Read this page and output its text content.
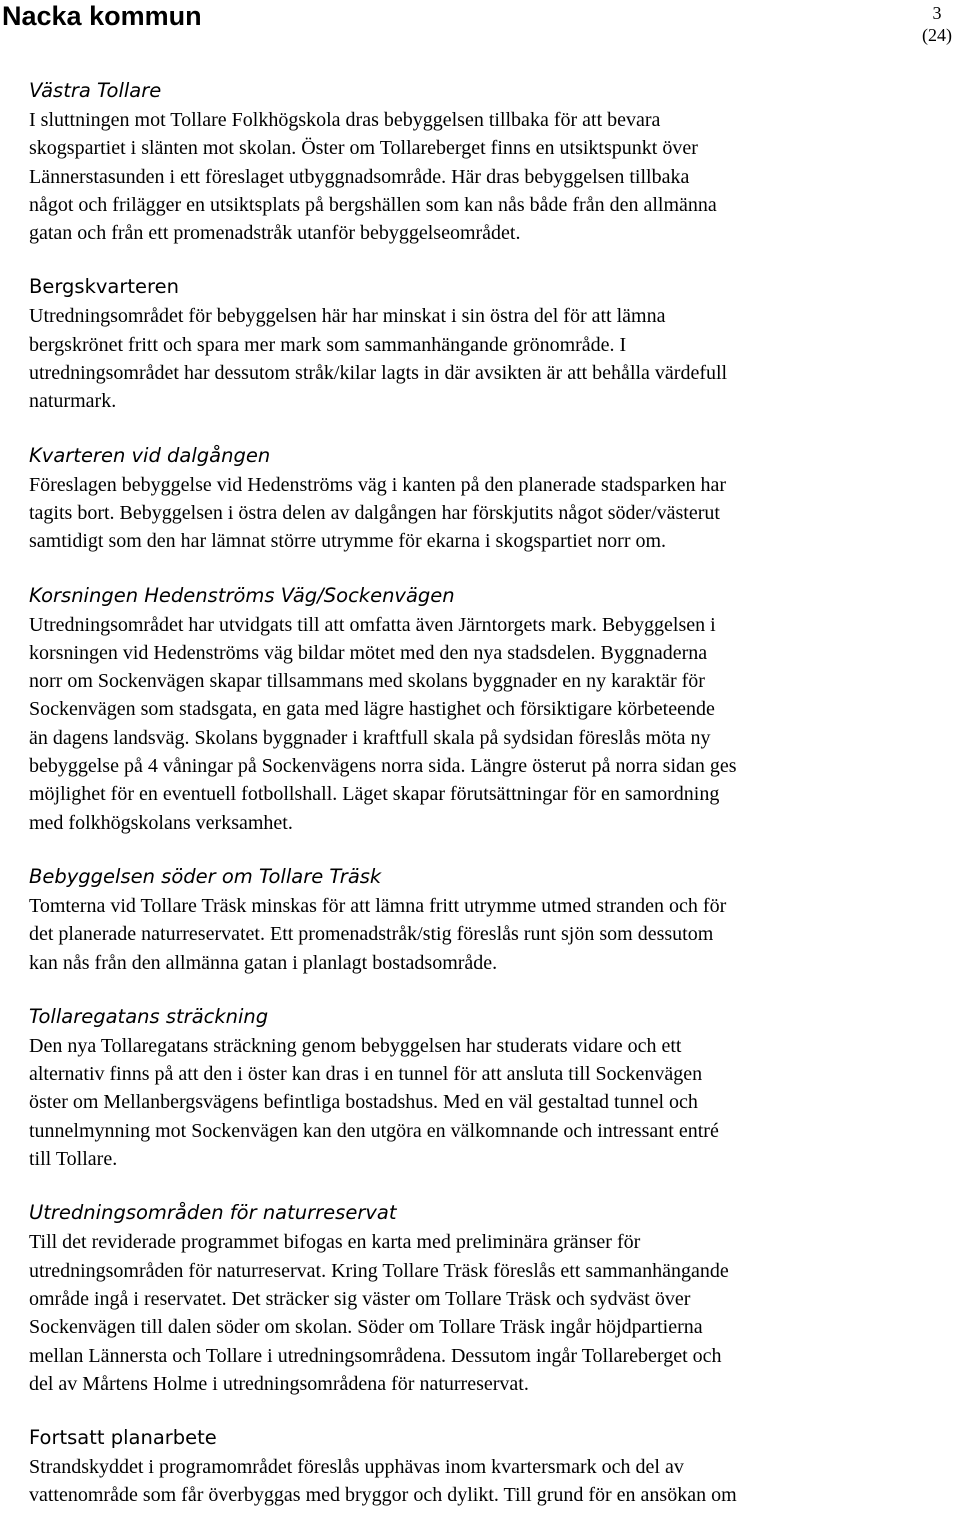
Nacka kommun	3
(24)
Västra Tollare
I sluttningen mot Tollare Folkhögskola dras bebyggelsen tillbaka för att bevara
skogspartiet i slänten mot skolan. Öster om Tollareberget finns en utsiktspunkt över
Lännerstasunden i ett föreslaget utbyggnadsområde. Här dras bebyggelsen tillbaka
något och frilägger en utsiktsplats på bergshällen som kan nås både från den allmänna
gatan och från ett promenadstråk utanför bebyggelseområdet.
Bergskvarteren
Utredningsområdet för bebyggelsen här har minskat i sin östra del för att lämna
bergskrönet fritt och spara mer mark som sammanhängande grönområde. I
utredningsområdet har dessutom stråk/kilar lagts in där avsikten är att behålla värdefull
naturmark.
Kvarteren vid dalgången
Föreslagen bebyggelse vid Hedenströms väg i kanten på den planerade stadsparken har
tagits bort. Bebyggelsen i östra delen av dalgången har förskjutits något söder/västerut
samtidigt som den har lämnat större utrymme för ekarna i skogspartiet norr om.
Korsningen Hedenströms Väg/Sockenvägen
Utredningsområdet har utvidgats till att omfatta även Järntorgets mark. Bebyggelsen i
korsningen vid Hedenströms väg bildar mötet med den nya stadsdelen. Byggnaderna
norr om Sockenvägen skapar tillsammans med skolans byggnader en ny karaktär för
Sockenvägen som stadsgata, en gata med lägre hastighet och försiktigare körbeteende
än dagens landsväg. Skolans byggnader i kraftfull skala på sydsidan föreslås möta ny
bebyggelse på 4 våningar på Sockenvägens norra sida. Längre österut på norra sidan ges
möjlighet för en eventuell fotbollshall. Läget skapar förutsättningar för en samordning
med folkhögskolans verksamhet.
Bebyggelsen söder om Tollare Träsk
Tomterna vid Tollare Träsk minskas för att lämna fritt utrymme utmed stranden och för
det planerade naturreservatet. Ett promenadstråk/stig föreslås runt sjön som dessutom
kan nås från den allmänna gatan i planlagt bostadsområde.
Tollaregatans sträckning
Den nya Tollaregatans sträckning genom bebyggelsen har studerats vidare och ett
alternativ finns på att den i öster kan dras i en tunnel för att ansluta till Sockenvägen
öster om Mellanbergsvägens befintliga bostadshus. Med en väl gestaltad tunnel och
tunnelmynning mot Sockenvägen kan den utgöra en välkomnande och intressant entré
till Tollare.
Utredningsområden för naturreservat
Till det reviderade programmet bifogas en karta med preliminära gränser för
utredningsområden för naturreservat. Kring Tollare Träsk föreslås ett sammanhängande
område ingå i reservatet. Det sträcker sig väster om Tollare Träsk och sydväst över
Sockenvägen till dalen söder om skolan. Söder om Tollare Träsk ingår höjdpartierna
mellan Lännersta och Tollare i utredningsområdena. Dessutom ingår Tollareberget och
del av Mårtens Holme i utredningsområdena för naturreservat.
Fortsatt planarbete
Strandskyddet i programområdet föreslås upphävas inom kvartersmark och del av
vattenområde som får överbyggas med bryggor och dylikt. Till grund för en ansökan om
